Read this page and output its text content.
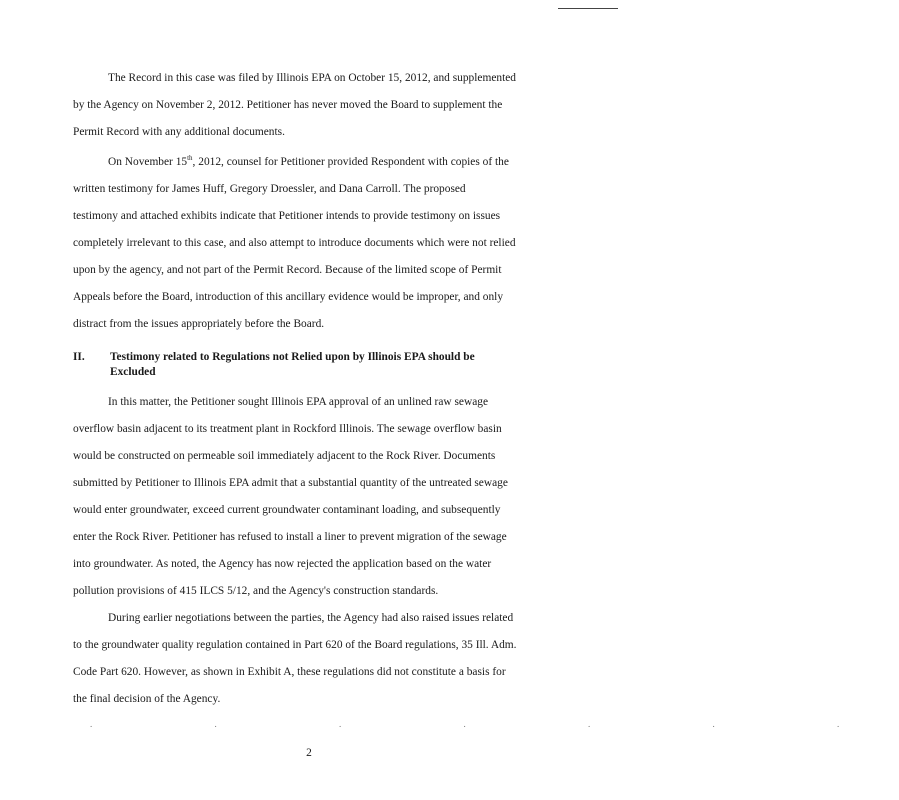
The Record in this case was filed by Illinois EPA on October 15, 2012, and supplemented
by the Agency on November 2, 2012. Petitioner has never moved the Board to supplement the
Permit Record with any additional documents.
On November 15th, 2012, counsel for Petitioner provided Respondent with copies of the
written testimony for James Huff, Gregory Droessler, and Dana Carroll. The proposed
testimony and attached exhibits indicate that Petitioner intends to provide testimony on issues
completely irrelevant to this case, and also attempt to introduce documents which were not relied
upon by the agency, and not part of the Permit Record. Because of the limited scope of Permit
Appeals before the Board, introduction of this ancillary evidence would be improper, and only
distract from the issues appropriately before the Board.
II. Testimony related to Regulations not Relied upon by Illinois EPA should be
Excluded
In this matter, the Petitioner sought Illinois EPA approval of an unlined raw sewage
overflow basin adjacent to its treatment plant in Rockford Illinois. The sewage overflow basin
would be constructed on permeable soil immediately adjacent to the Rock River. Documents
submitted by Petitioner to Illinois EPA admit that a substantial quantity of the untreated sewage
would enter groundwater, exceed current groundwater contaminant loading, and subsequently
enter the Rock River. Petitioner has refused to install a liner to prevent migration of the sewage
into groundwater. As noted, the Agency has now rejected the application based on the water
pollution provisions of 415 ILCS 5/12, and the Agency's construction standards.
During earlier negotiations between the parties, the Agency had also raised issues related
to the groundwater quality regulation contained in Part 620 of the Board regulations, 35 Ill. Adm.
Code Part 620. However, as shown in Exhibit A, these regulations did not constitute a basis for
the final decision of the Agency.
. . . . . . .
2
